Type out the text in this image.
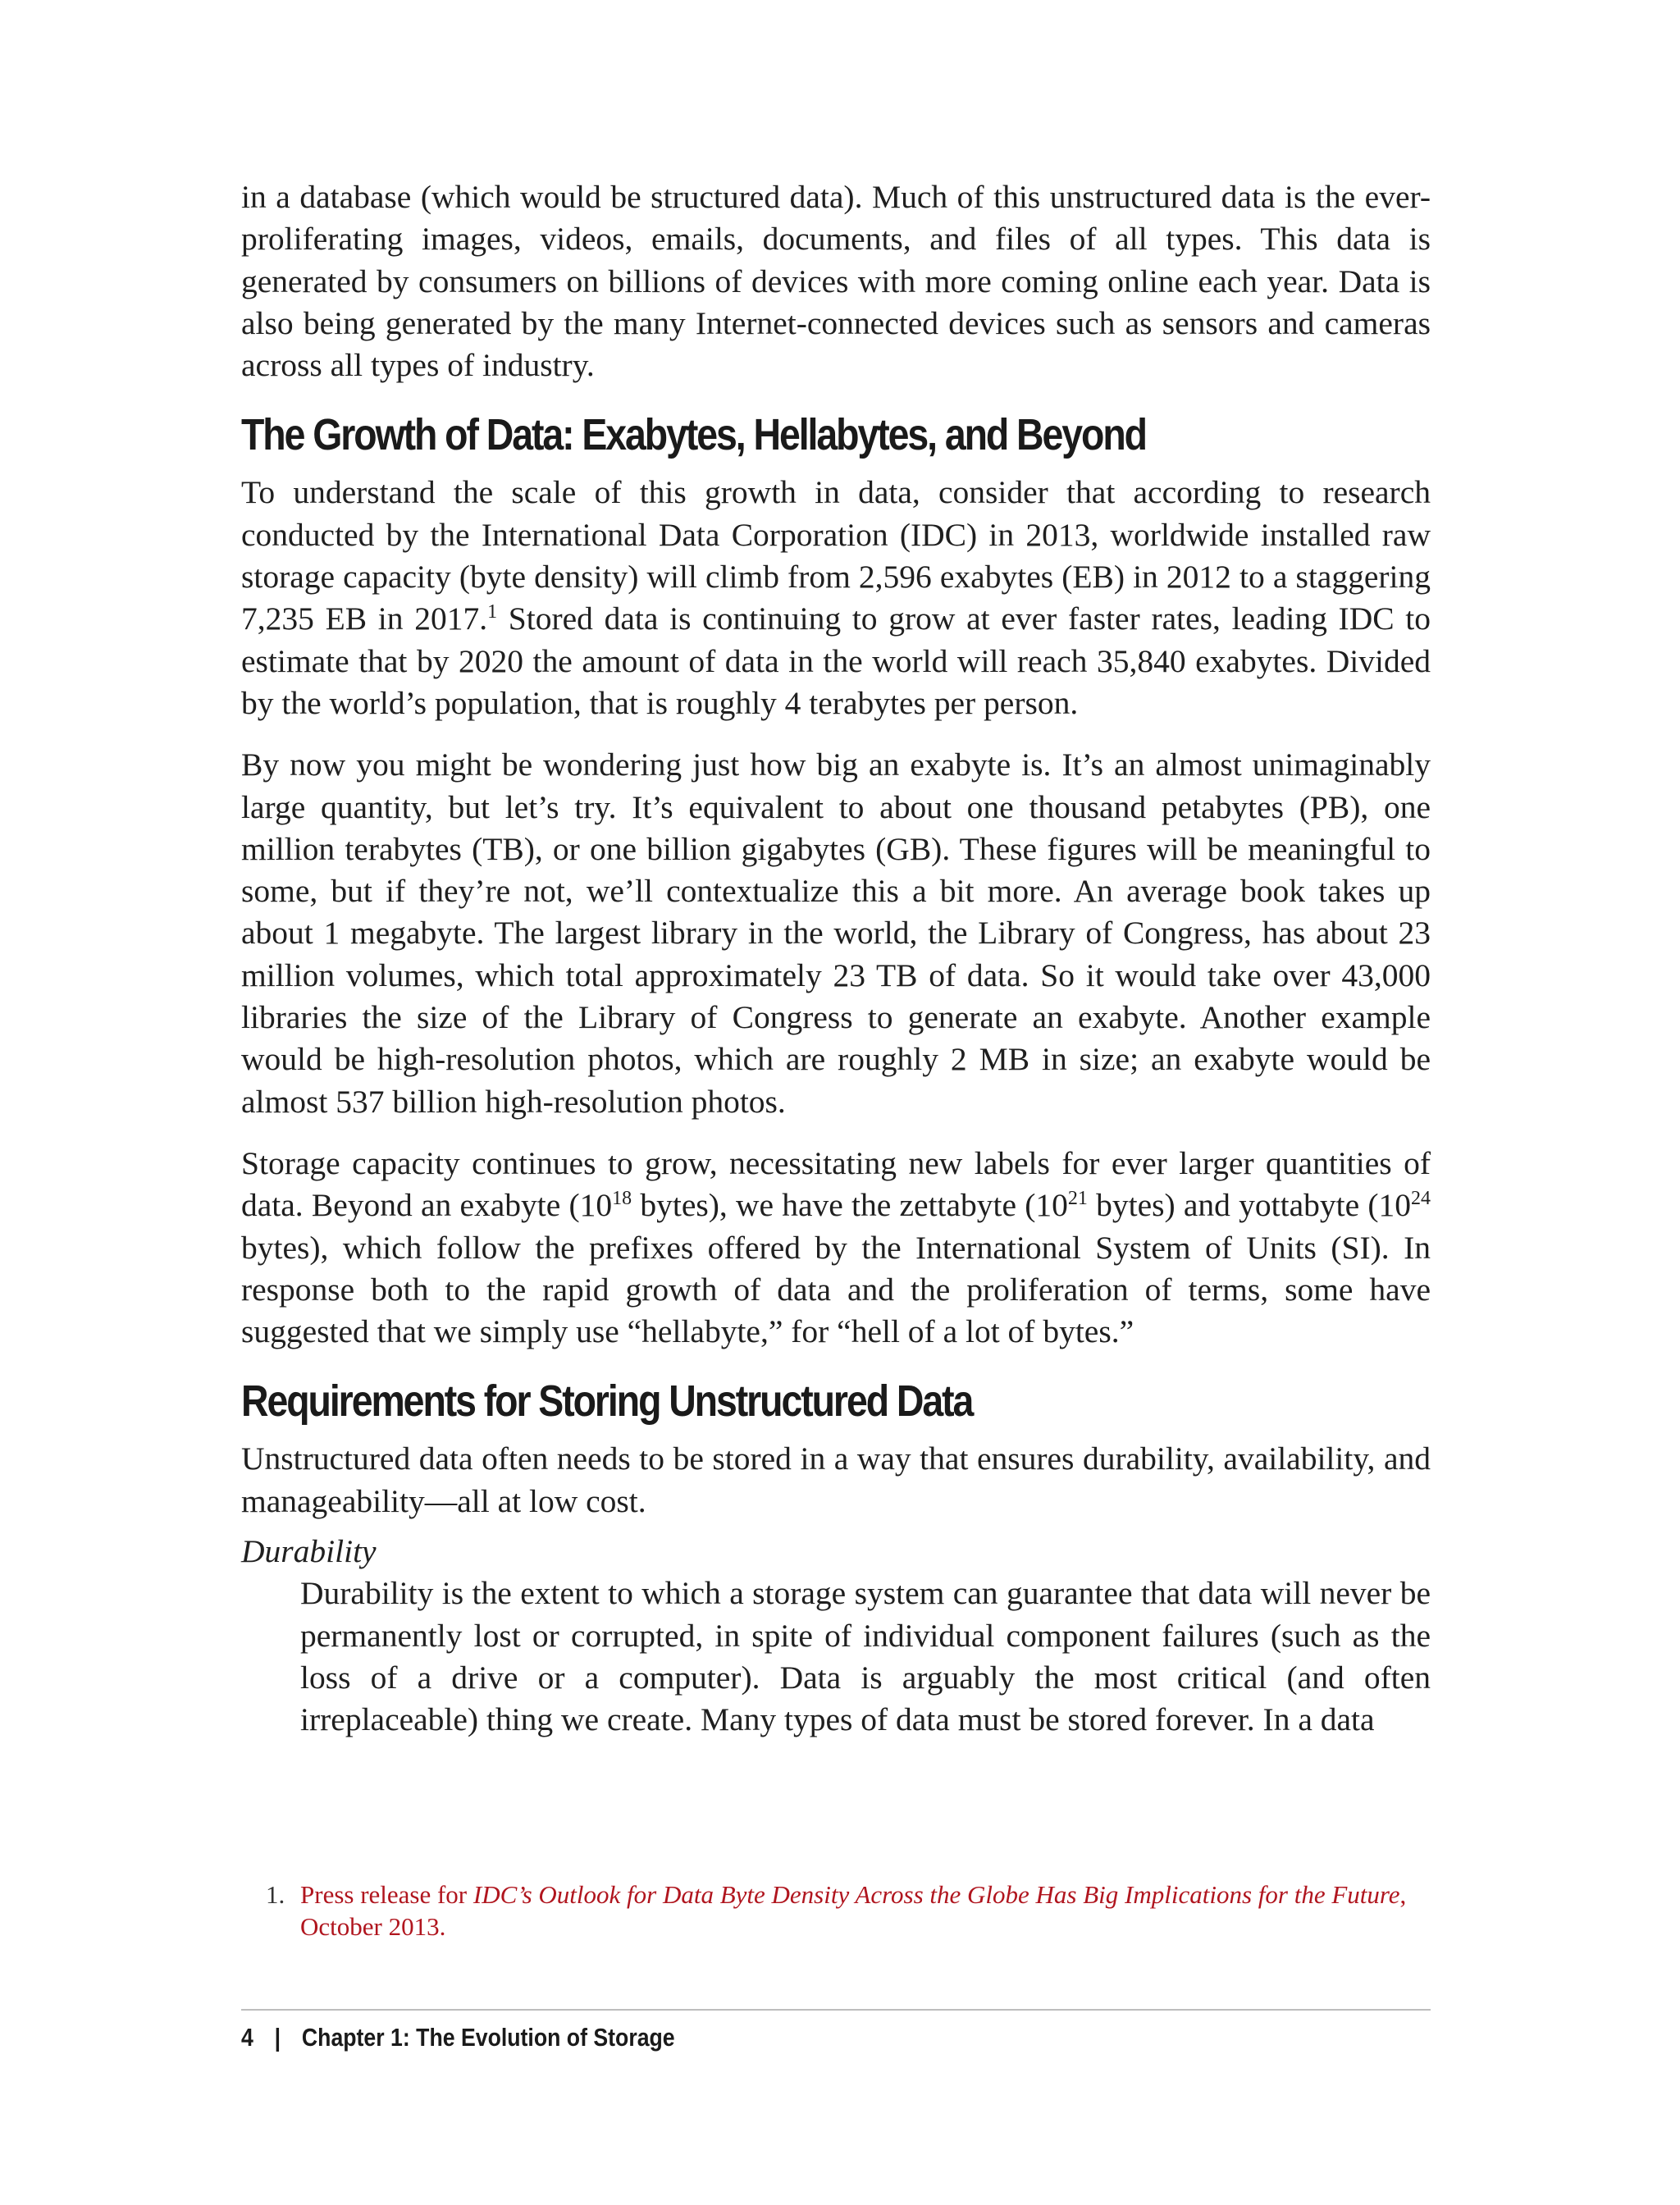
in a database (which would be structured data). Much of this unstructured data is the ever-proliferating images, videos, emails, documents, and files of all types. This data is generated by consumers on billions of devices with more coming online each year. Data is also being generated by the many Internet-connected devices such as sensors and cameras across all types of industry.

The Growth of Data: Exabytes, Hellabytes, and Beyond

To understand the scale of this growth in data, consider that according to research conducted by the International Data Corporation (IDC) in 2013, worldwide installed raw storage capacity (byte density) will climb from 2,596 exabytes (EB) in 2012 to a staggering 7,235 EB in 2017.$^1$ Stored data is continuing to grow at ever faster rates, leading IDC to estimate that by 2020 the amount of data in the world will reach 35,840 exabytes. Divided by the world’s population, that is roughly 4 terabytes per person.

By now you might be wondering just how big an exabyte is. It’s an almost unimaginably large quantity, but let’s try. It’s equivalent to about one thousand petabytes (PB), one million terabytes (TB), or one billion gigabytes (GB). These figures will be meaningful to some, but if they’re not, we’ll contextualize this a bit more. An average book takes up about 1 megabyte. The largest library in the world, the Library of Congress, has about 23 million volumes, which total approximately 23 TB of data. So it would take over 43,000 libraries the size of the Library of Congress to generate an exabyte. Another example would be high-resolution photos, which are roughly 2 MB in size; an exabyte would be almost 537 billion high-resolution photos.

Storage capacity continues to grow, necessitating new labels for ever larger quantities of data. Beyond an exabyte ($10^{18}$ bytes), we have the zettabyte ($10^{21}$ bytes) and yottabyte ($10^{24}$ bytes), which follow the prefixes offered by the International System of Units (SI). In response both to the rapid growth of data and the proliferation of terms, some have suggested that we simply use “hellabyte,” for “hell of a lot of bytes.”

Requirements for Storing Unstructured Data

Unstructured data often needs to be stored in a way that ensures durability, availability, and manageability—all at low cost.

Durability

Durability is the extent to which a storage system can guarantee that data will never be permanently lost or corrupted, in spite of individual component failures (such as the loss of a drive or a computer). Data is arguably the most critical (and often irreplaceable) thing we create. Many types of data must be stored forever. In a data

1. Press release for IDC’s Outlook for Data Byte Density Across the Globe Has Big Implications for the Future, October 2013.
4 | Chapter 1: The Evolution of Storage
